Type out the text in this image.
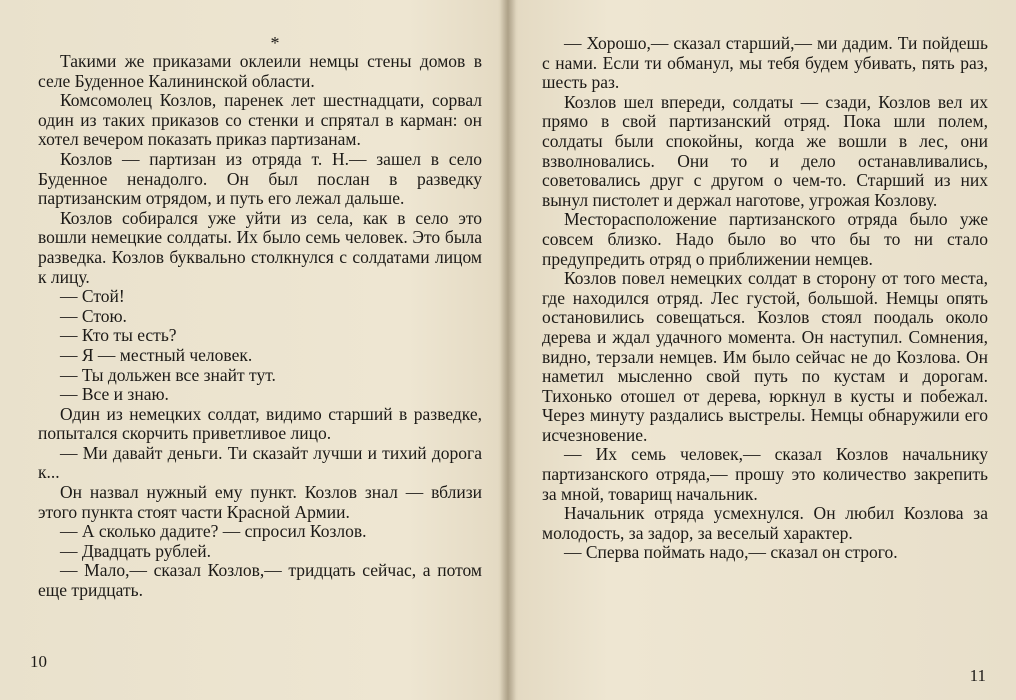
*

Такими же приказами оклеили немцы стены домов в селе Буденное Калининской области.

Комсомолец Козлов, паренек лет шестнадцати, сорвал один из таких приказов со стенки и спрятал в карман: он хотел вечером показать приказ партизанам.

Козлов — партизан из отряда т. Н.— зашел в село Буденное ненадолго. Он был послан в разведку партизанским отрядом, и путь его лежал дальше.

Козлов собирался уже уйти из села, как в село это вошли немецкие солдаты. Их было семь человек. Это была разведка. Козлов буквально столкнулся с солдатами лицом к лицу.

— Стой!

— Стою.

— Кто ты есть?

— Я — местный человек.

— Ты дольжен все знайт тут.

— Все и знаю.

Один из немецких солдат, видимо старший в разведке, попытался скорчить приветливое лицо.

— Ми давайт деньги. Ти сказайт лучши и тихий дорога к...

Он назвал нужный ему пункт. Козлов знал — вблизи этого пункта стоят части Красной Армии.

— А сколько дадите? — спросил Козлов.

— Двадцать рублей.

— Мало,— сказал Козлов,— тридцать сейчас, а потом еще тридцать.

10

— Хорошо,— сказал старший,— ми дадим. Ти пойдешь с нами. Если ти обманул, мы тебя будем убивать, пять раз, шесть раз.

Козлов шел впереди, солдаты — сзади, Козлов вел их прямо в свой партизанский отряд. Пока шли полем, солдаты были спокойны, когда же вошли в лес, они взволновались. Они то и дело останавливались, советовались друг с другом о чем-то. Старший из них вынул пистолет и держал наготове, угрожая Козлову.

Месторасположение партизанского отряда было уже совсем близко. Надо было во что бы то ни стало предупредить отряд о приближении немцев.

Козлов повел немецких солдат в сторону от того места, где находился отряд. Лес густой, большой. Немцы опять остановились совещаться. Козлов стоял поодаль около дерева и ждал удачного момента. Он наступил. Сомнения, видно, терзали немцев. Им было сейчас не до Козлова. Он наметил мысленно свой путь по кустам и дорогам. Тихонько отошел от дерева, юркнул в кусты и побежал. Через минуту раздались выстрелы. Немцы обнаружили его исчезновение.

— Их семь человек,— сказал Козлов начальнику партизанского отряда,— прошу это количество закрепить за мной, товарищ начальник.

Начальник отряда усмехнулся. Он любил Козлова за молодость, за задор, за веселый характер.

— Сперва поймать надо,— сказал он строго.

11
